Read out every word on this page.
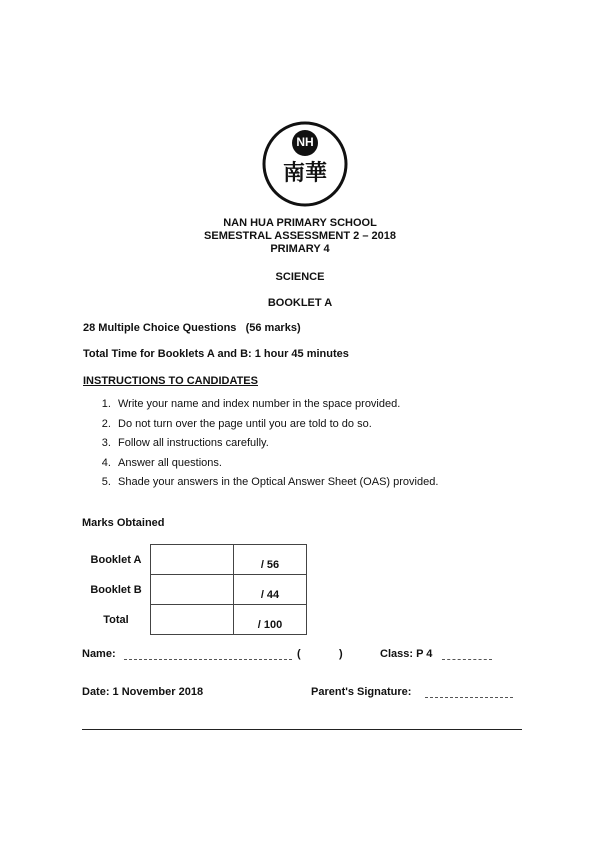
NH
南華
NAN HUA PRIMARY SCHOOL
SEMESTRAL ASSESSMENT 2 – 2018
PRIMARY 4
SCIENCE
BOOKLET A
28 Multiple Choice Questions   (56 marks)
Total Time for Booklets A and B: 1 hour 45 minutes
INSTRUCTIONS TO CANDIDATES
1. Write your name and index number in the space provided.
2. Do not turn over the page until you are told to do so.
3. Follow all instructions carefully.
4. Answer all questions.
5. Shade your answers in the Optical Answer Sheet (OAS) provided.
Marks Obtained
Booklet A		/ 56
Booklet B		/ 44
Total		/ 100
Name:	(	)	Class: P 4
Date: 1 November 2018	Parent's Signature:
